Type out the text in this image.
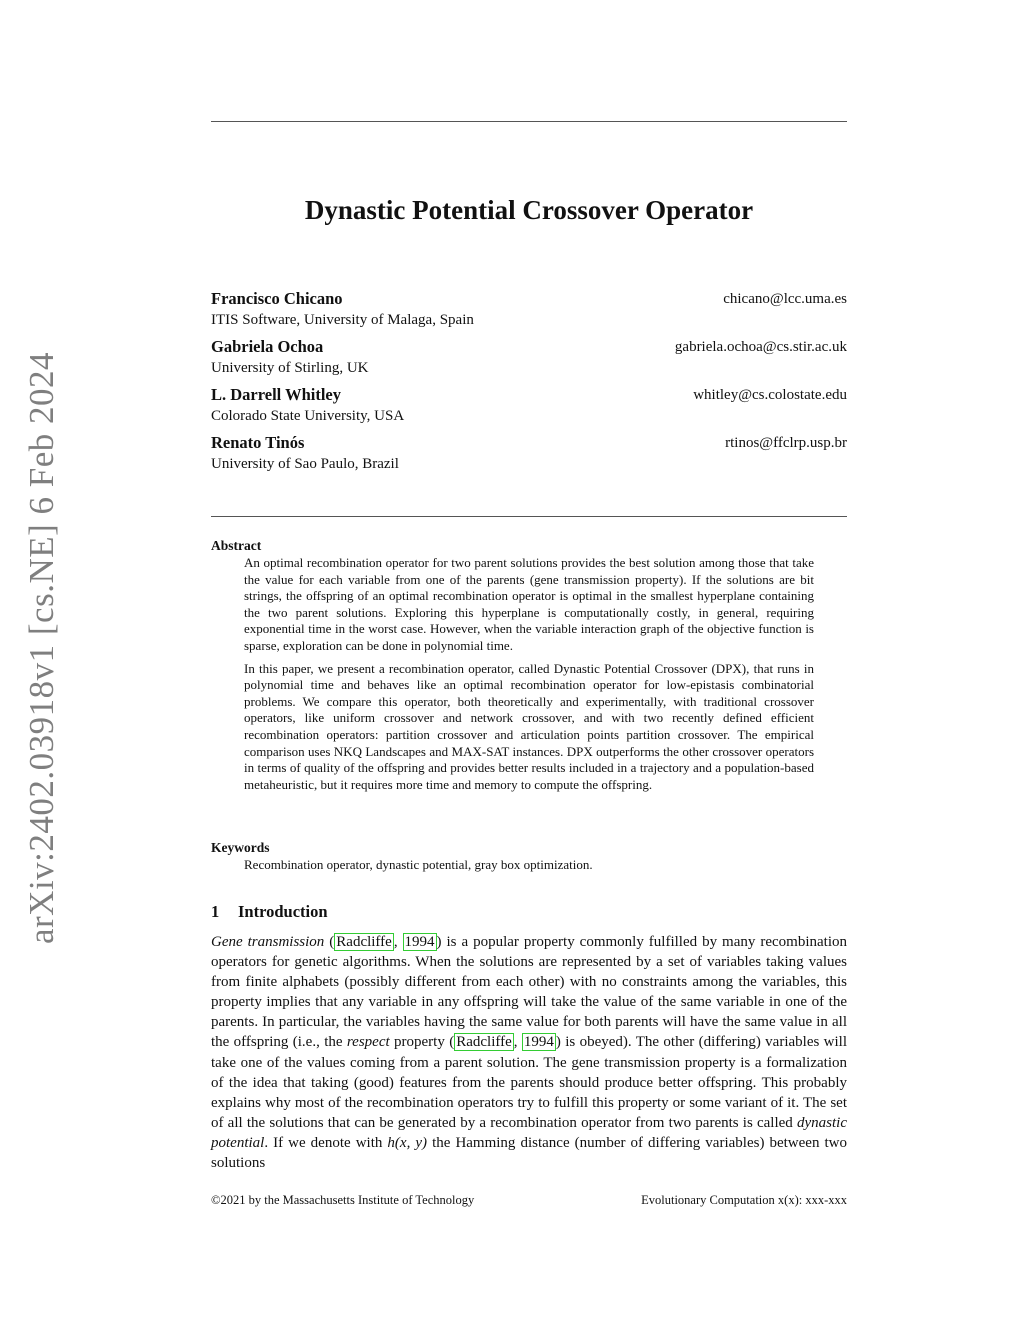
arXiv:2402.03918v1 [cs.NE] 6 Feb 2024
Dynastic Potential Crossover Operator
Francisco Chicano	chicano@lcc.uma.es
ITIS Software, University of Malaga, Spain
Gabriela Ochoa	gabriela.ochoa@cs.stir.ac.uk
University of Stirling, UK
L. Darrell Whitley	whitley@cs.colostate.edu
Colorado State University, USA
Renato Tinós	rtinos@ffclrp.usp.br
University of Sao Paulo, Brazil
Abstract

An optimal recombination operator for two parent solutions provides the best solution among those that take the value for each variable from one of the parents (gene transmission property). If the solutions are bit strings, the offspring of an optimal recombination operator is optimal in the smallest hyperplane containing the two parent solutions. Exploring this hyperplane is computationally costly, in general, requiring exponential time in the worst case. However, when the variable interaction graph of the objective function is sparse, exploration can be done in polynomial time.

In this paper, we present a recombination operator, called Dynastic Potential Crossover (DPX), that runs in polynomial time and behaves like an optimal recombination operator for low-epistasis combinatorial problems. We compare this operator, both theoretically and experimentally, with traditional crossover operators, like uniform crossover and network crossover, and with two recently defined efficient recombination operators: partition crossover and articulation points partition crossover. The empirical comparison uses NKQ Landscapes and MAX-SAT instances. DPX outperforms the other crossover operators in terms of quality of the offspring and provides better results included in a trajectory and a population-based metaheuristic, but it requires more time and memory to compute the offspring.

Keywords
Recombination operator, dynastic potential, gray box optimization.
1 Introduction

Gene transmission ( Radcliffe , 1994 ) is a popular property commonly fulfilled by many recombination operators for genetic algorithms. When the solutions are represented by a set of variables taking values from finite alphabets (possibly different from each other) with no constraints among the variables, this property implies that any variable in any offspring will take the value of the same variable in one of the parents. In particular, the variables having the same value for both parents will have the same value in all the offspring (i.e., the respect property ( Radcliffe , 1994 ) is obeyed). The other (differing) variables will take one of the values coming from a parent solution. The gene transmission property is a formalization of the idea that taking (good) features from the parents should produce better offspring. This probably explains why most of the recombination operators try to fulfill this property or some variant of it. The set of all the solutions that can be generated by a recombination operator from two parents is called dynastic potential. If we denote with h(x, y) the Hamming distance (number of differing variables) between two solutions

©2021 by the Massachusetts Institute of Technology	Evolutionary Computation x(x): xxx-xxx
